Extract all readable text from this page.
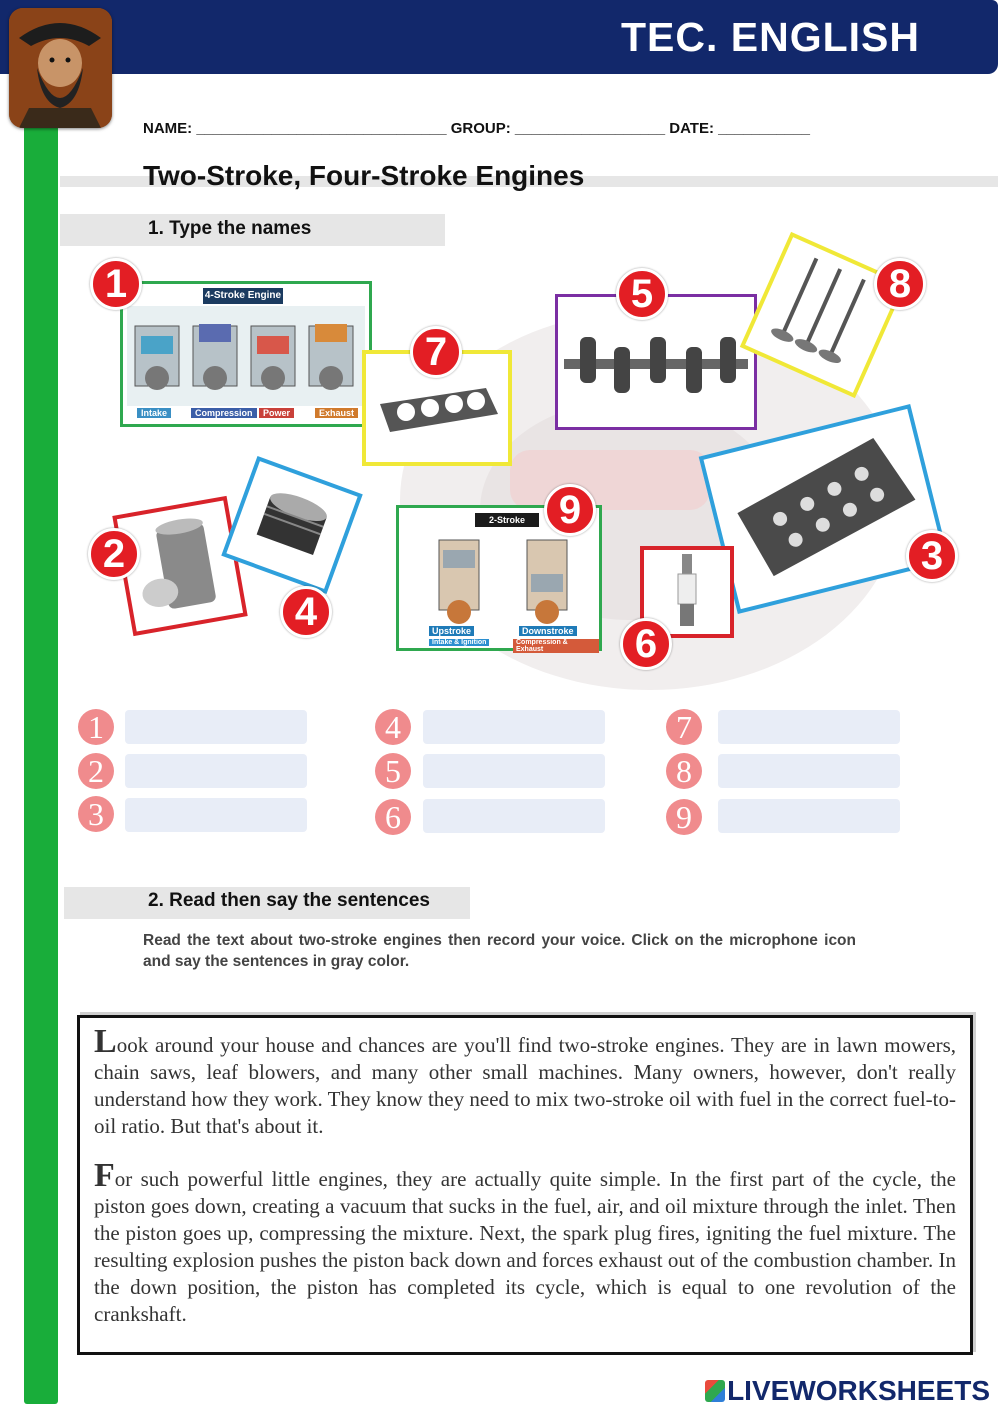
TEC. ENGLISH
NAME: ______________________________ GROUP: __________________ DATE: ___________
Two-Stroke, Four-Stroke Engines
1. Type the names
4-Stroke Engine
Intake	Compression	Power	Exhaust
2-Stroke Engine
Upstroke	Downstroke
Intake & Ignition	Compression & Exhaust
1
2	3
4
5
6
7
8
9
1
2
3
4
5
6
7
8
9
2. Read then say the sentences
Read the text about two-stroke engines then record your voice. Click on the microphone icon and say the sentences in gray color.

Look around your house and chances are you'll find two-stroke engines. They are in lawn mowers, chain saws, leaf blowers, and many other small machines. Many owners, however, don't really understand how they work. They know they need to mix two-stroke oil with fuel in the correct fuel-to-oil ratio. But that's about it.

For such powerful little engines, they are actually quite simple. In the first part of the cycle, the piston goes down, creating a vacuum that sucks in the fuel, air, and oil mixture through the inlet. Then the piston goes up, compressing the mixture. Next, the spark plug fires, igniting the fuel mixture. The resulting explosion pushes the piston back down and forces exhaust out of the combustion chamber. In the down position, the piston has completed its cycle, which is equal to one revolution of the crankshaft.

LIVEWORKSHEETS
